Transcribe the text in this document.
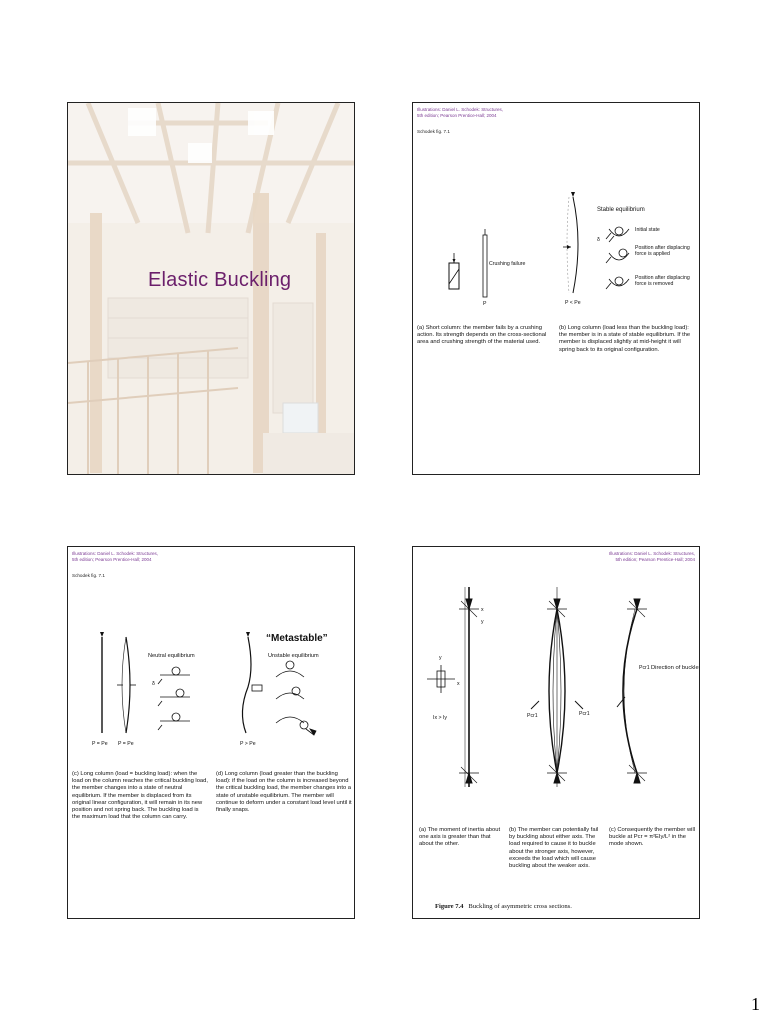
Elastic Buckling
Illustrations: Daniel L. Schodek: Structures,
5th edition; Pearson Prentice-Hall; 2004
Schodek fig. 7.1
Crushing failure
P	P < Pe
Stable equilibrium
Initial state
δ
Position after displacing force is applied
Position after displacing force is removed
(a) Short column: the member fails by a crushing action. Its strength depends on the cross-sectional area and crushing strength of the material used.
(b) Long column (load less than the buckling load): the member is in a state of stable equilibrium. If the member is displaced slightly at mid-height it will spring back to its original configuration.
Illustrations: Daniel L. Schodek: Structures,
5th edition; Pearson Prentice-Hall; 2004
Schodek fig. 7.1
“Metastable”
Neutral equilibrium	Unstable equilibrium
δ
P = Pe P = Pe	P > Pe
(c) Long column (load = buckling load): when the load on the column reaches the critical buckling load, the member changes into a state of neutral equilibrium. If the member is displaced from its original linear configuration, it will remain in its new position and not spring back. The buckling load is the maximum load that the column can carry.
(d) Long column (load greater than the buckling load): if the load on the column is increased beyond the critical buckling load, the member changes into a state of unstable equilibrium. The member will continue to deform under a constant load level until it finally snaps.
Illustrations: Daniel L. Schodek: Structures,
5th edition; Pearson Prentice-Hall; 2004
x
y
y
x
Ix > Iy	Pcr1	Pcr1
Pcr1 Direction of buckle
(a) The moment of inertia about one axis is greater than that about the other.
(b) The member can potentially fail by buckling about either axis. The load required to cause it to buckle about the stronger axis, however, exceeds the load which will cause buckling about the weaker axis.
(c) Consequently the member will buckle at Pcr = π²EIy/L² in the mode shown.
Figure 7.4 Buckling of asymmetric cross sections.
1
